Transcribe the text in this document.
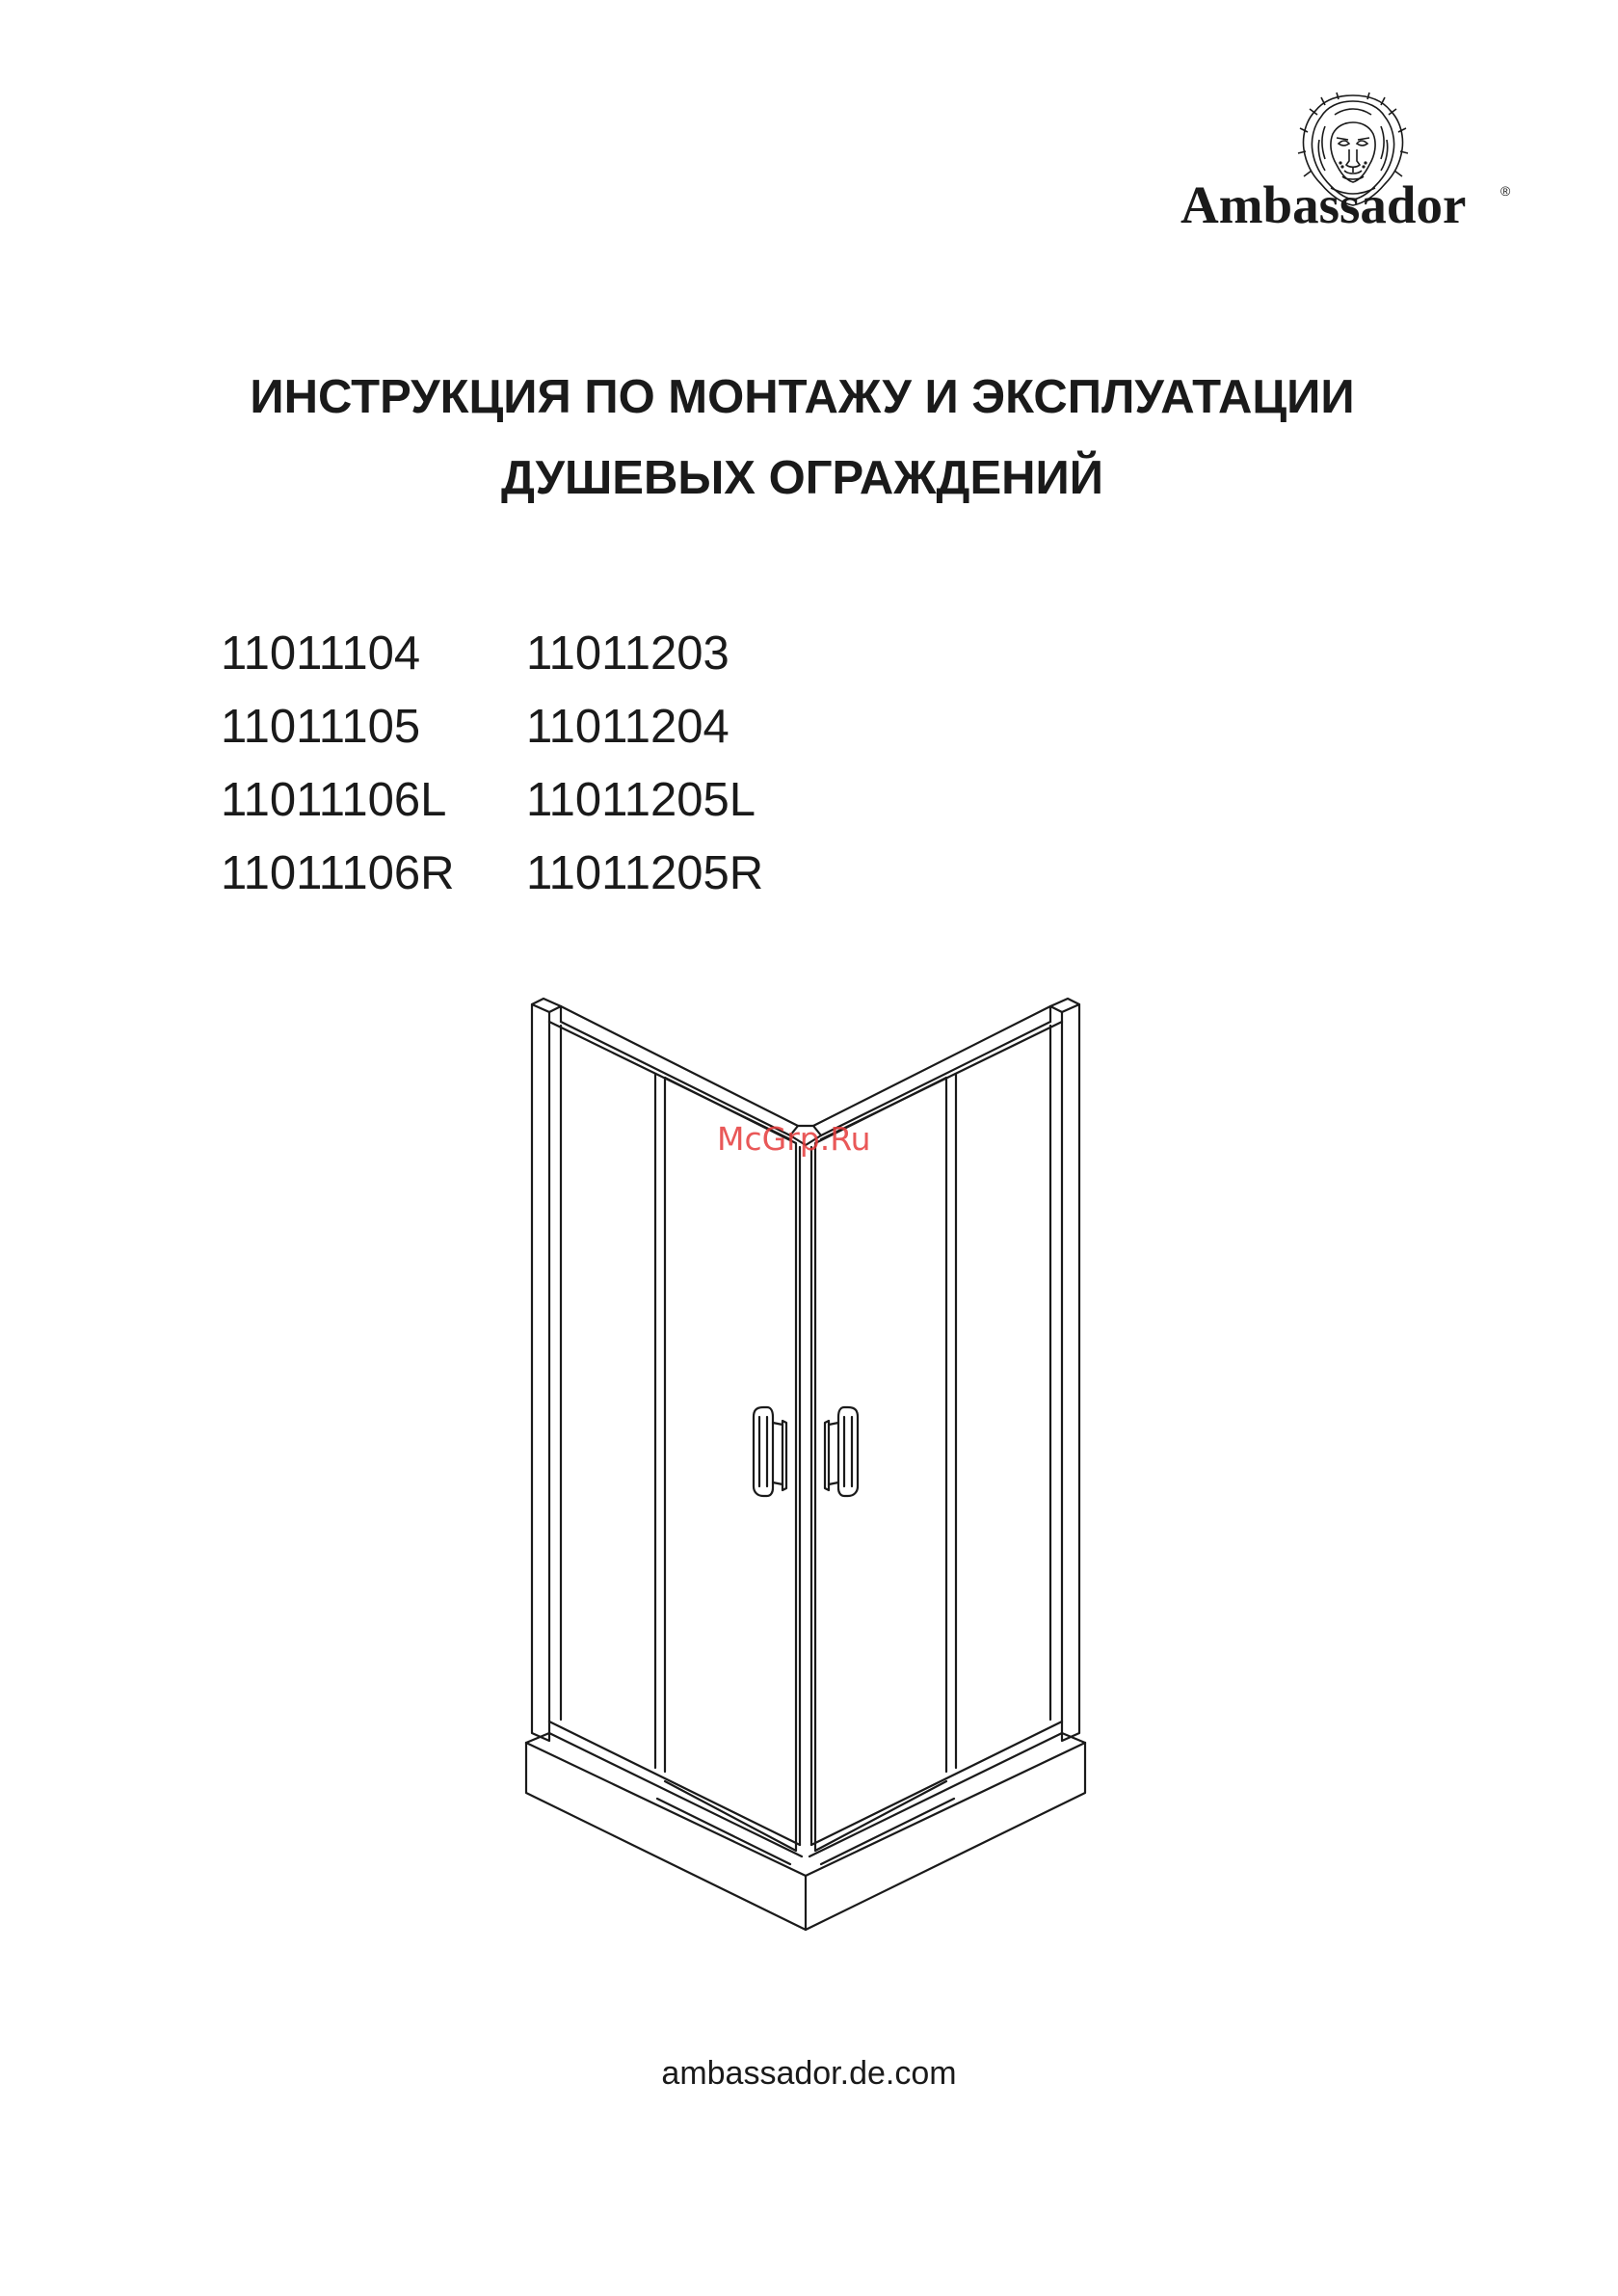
Ambassador	®
ИНСТРУКЦИЯ ПО МОНТАЖУ И ЭКСПЛУАТАЦИИ
ДУШЕВЫХ ОГРАЖДЕНИЙ
11011104
11011105
11011106L
11011106R
11011203
11011204
11011205L
11011205R
McGrp.Ru
ambassador.de.com
